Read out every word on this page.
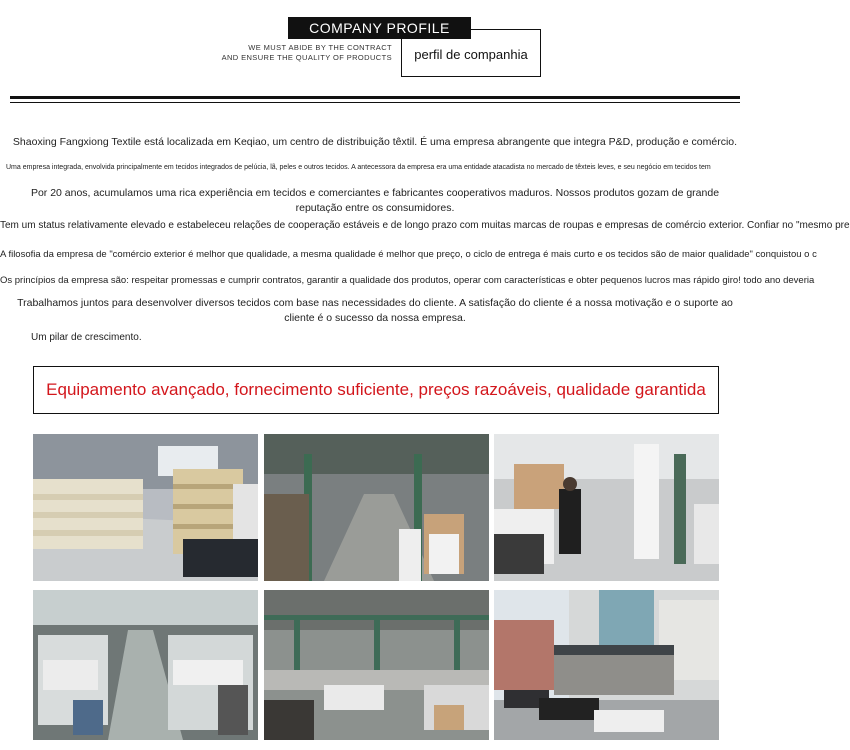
WE MUST ABIDE BY THE CONTRACT
AND ENSURE THE QUALITY OF PRODUCTS perfil de companhia
COMPANY PROFILE
Shaoxing Fangxiong Textile está localizada em Keqiao, um centro de distribuição têxtil. É uma empresa abrangente que integra P&D, produção e comércio.
Uma empresa integrada, envolvida principalmente em tecidos integrados de pelúcia, lã, peles e outros tecidos. A antecessora da empresa era uma entidade atacadista no mercado de têxteis leves, e seu negócio em tecidos tem
Por 20 anos, acumulamos uma rica experiência em tecidos e comerciantes e fabricantes cooperativos maduros. Nossos produtos gozam de grande reputação entre os consumidores.
Tem um status relativamente elevado e estabeleceu relações de cooperação estáveis e de longo prazo com muitas marcas de roupas e empresas de comércio exterior. Confiar no "mesmo pre
A filosofia da empresa de "comércio exterior é melhor que qualidade, a mesma qualidade é melhor que preço, o ciclo de entrega é mais curto e os tecidos são de maior qualidade" conquistou o c
Os princípios da empresa são: respeitar promessas e cumprir contratos, garantir a qualidade dos produtos, operar com características e obter pequenos lucros mas rápido giro! todo ano deveria
Trabalhamos juntos para desenvolver diversos tecidos com base nas necessidades do cliente. A satisfação do cliente é a nossa motivação e o suporte ao cliente é o sucesso da nossa empresa.
Um pilar de crescimento.
Equipamento avançado, fornecimento suficiente, preços razoáveis, qualidade garantida
